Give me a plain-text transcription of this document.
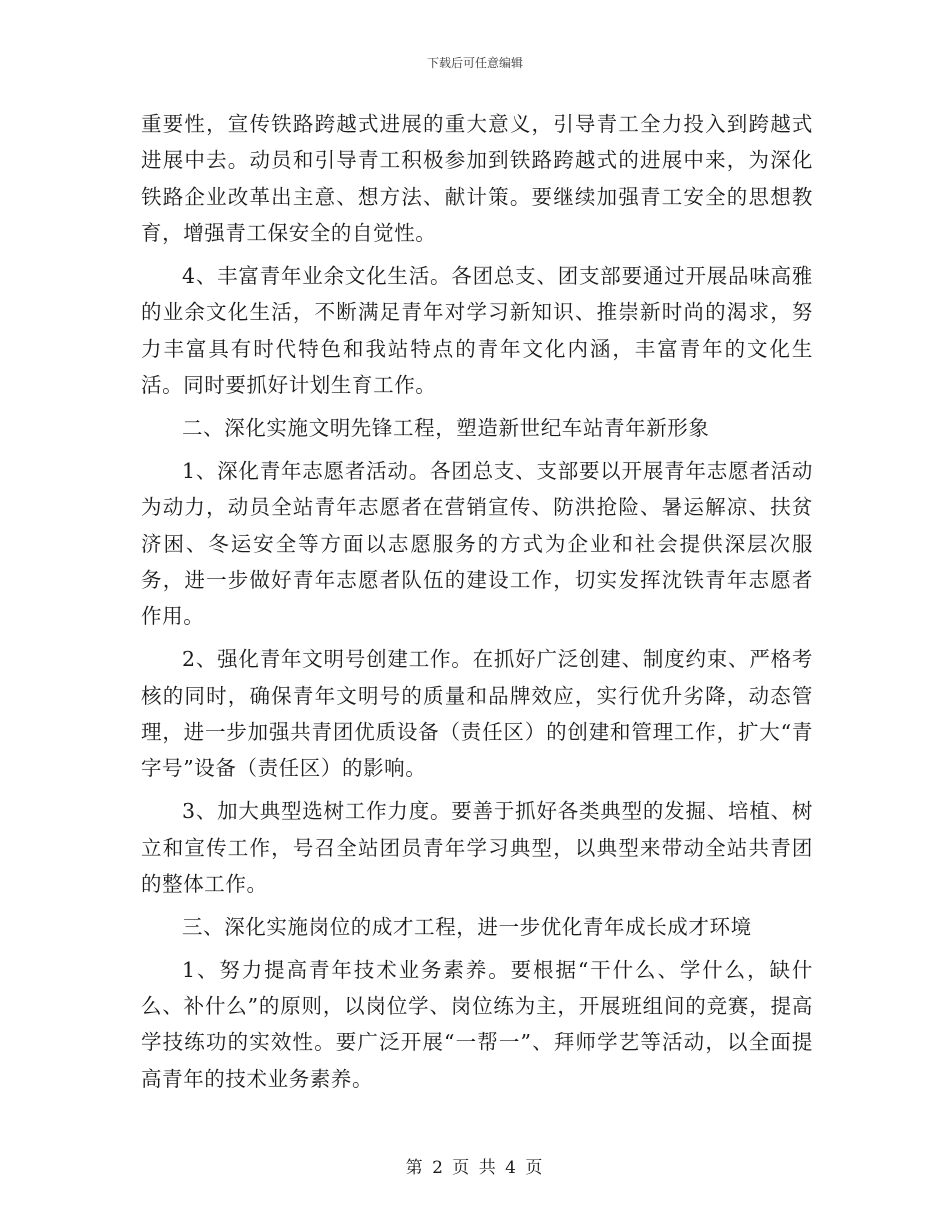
下载后可任意编辑

重要性，宣传铁路跨越式进展的重大意义，引导青工全力投入到跨越式进展中去。动员和引导青工积极参加到铁路跨越式的进展中来，为深化铁路企业改革出主意、想方法、献计策。要继续加强青工安全的思想教育，增强青工保安全的自觉性。

4、丰富青年业余文化生活。各团总支、团支部要通过开展品味高雅的业余文化生活，不断满足青年对学习新知识、推崇新时尚的渴求，努力丰富具有时代特色和我站特点的青年文化内涵，丰富青年的文化生活。同时要抓好计划生育工作。

二、深化实施文明先锋工程，塑造新世纪车站青年新形象

1、深化青年志愿者活动。各团总支、支部要以开展青年志愿者活动为动力，动员全站青年志愿者在营销宣传、防洪抢险、暑运解凉、扶贫济困、冬运安全等方面以志愿服务的方式为企业和社会提供深层次服务，进一步做好青年志愿者队伍的建设工作，切实发挥沈铁青年志愿者作用。

2、强化青年文明号创建工作。在抓好广泛创建、制度约束、严格考核的同时，确保青年文明号的质量和品牌效应，实行优升劣降，动态管理，进一步加强共青团优质设备（责任区）的创建和管理工作，扩大“青字号”设备（责任区）的影响。

3、加大典型选树工作力度。要善于抓好各类典型的发掘、培植、树立和宣传工作，号召全站团员青年学习典型，以典型来带动全站共青团的整体工作。

三、深化实施岗位的成才工程，进一步优化青年成长成才环境

1、努力提高青年技术业务素养。要根据“干什么、学什么，缺什么、补什么”的原则，以岗位学、岗位练为主，开展班组间的竞赛，提高学技练功的实效性。要广泛开展“一帮一”、拜师学艺等活动，以全面提高青年的技术业务素养。

第 2 页 共 4 页
